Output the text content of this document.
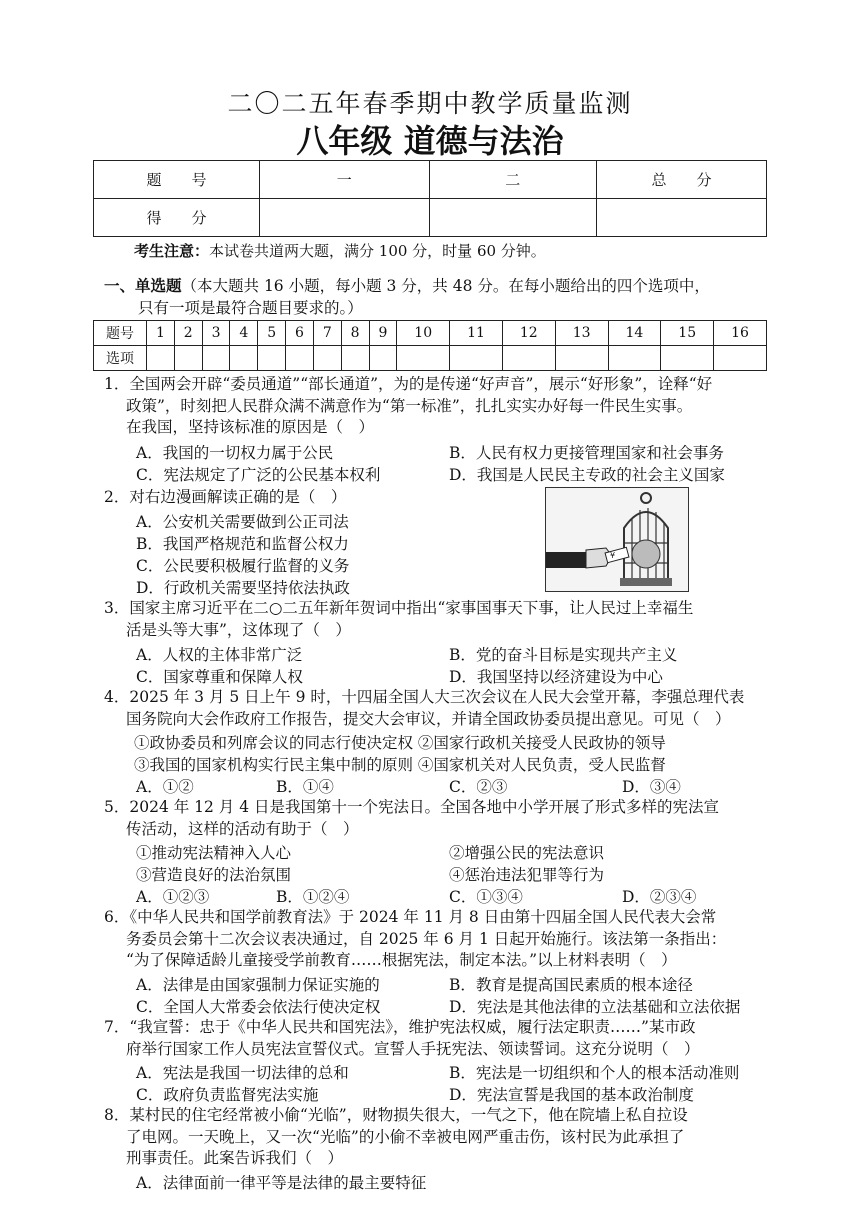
二〇二五年春季期中教学质量监测
八年级 道德与法治
题　　号	一	二	总　　分
得　　分			
考生注意：本试卷共道两大题，满分 100 分，时量 60 分钟。
一、单选题（本大题共 16 小题，每小题 3 分，共 48 分。在每小题给出的四个选项中，
只有一项是最符合题目要求的。）
题号	1	2	3	4	5	6	7	8	9	10	11	12	13	14	15	16
选项																
1．全国两会开辟“委员通道”“部长通道”，为的是传递“好声音”，展示“好形象”，诠释“好
政策”，时刻把人民群众满不满意作为“第一标准”，扎扎实实办好每一件民生实事。
在我国，坚持该标准的原因是（　）
A．我国的一切权力属于公民	B．人民有权力更接管理国家和社会事务
C．宪法规定了广泛的公民基本权利	D．我国是人民民主专政的社会主义国家
2．对右边漫画解读正确的是（　）
A．公安机关需要做到公正司法
B．我国严格规范和监督公权力
C．公民要积极履行监督的义务
D．行政机关需要坚持依法执政
¥
3．国家主席习近平在二○二五年新年贺词中指出“家事国事天下事，让人民过上幸福生
活是头等大事”，这体现了（　）
A．人权的主体非常广泛	B．党的奋斗目标是实现共产主义
C．国家尊重和保障人权	D．我国坚持以经济建设为中心
4．2025 年 3 月 5 日上午 9 时，十四届全国人大三次会议在人民大会堂开幕，李强总理代表
国务院向大会作政府工作报告，提交大会审议，并请全国政协委员提出意见。可见（　）
①政协委员和列席会议的同志行使决定权 ②国家行政机关接受人民政协的领导
③我国的国家机构实行民主集中制的原则 ④国家机关对人民负责，受人民监督
A．①②	B．①④	C．②③	D．③④
5．2024 年 12 月 4 日是我国第十一个宪法日。全国各地中小学开展了形式多样的宪法宣
传活动，这样的活动有助于（　）
①推动宪法精神入人心	②增强公民的宪法意识
③营造良好的法治氛围	④惩治违法犯罪等行为
A．①②③	B．①②④	C．①③④	D．②③④
6．《中华人民共和国学前教育法》于 2024 年 11 月 8 日由第十四届全国人民代表大会常
务委员会第十二次会议表决通过，自 2025 年 6 月 1 日起开始施行。该法第一条指出：
“为了保障适龄儿童接受学前教育……根据宪法，制定本法。”以上材料表明（　）
A．法律是由国家强制力保证实施的	B．教育是提高国民素质的根本途径
C．全国人大常委会依法行使决定权	D．宪法是其他法律的立法基础和立法依据
7．“我宣誓：忠于《中华人民共和国宪法》，维护宪法权威，履行法定职责……”某市政
府举行国家工作人员宪法宣誓仪式。宣誓人手抚宪法、领读誓词。这充分说明（　）
A．宪法是我国一切法律的总和	B．宪法是一切组织和个人的根本活动准则
C．政府负责监督宪法实施	D．宪法宣誓是我国的基本政治制度
8．某村民的住宅经常被小偷“光临”，财物损失很大，一气之下，他在院墙上私自拉设
了电网。一天晚上，又一次“光临”的小偷不幸被电网严重击伤，该村民为此承担了
刑事责任。此案告诉我们（　）
A．法律面前一律平等是法律的最主要特征
